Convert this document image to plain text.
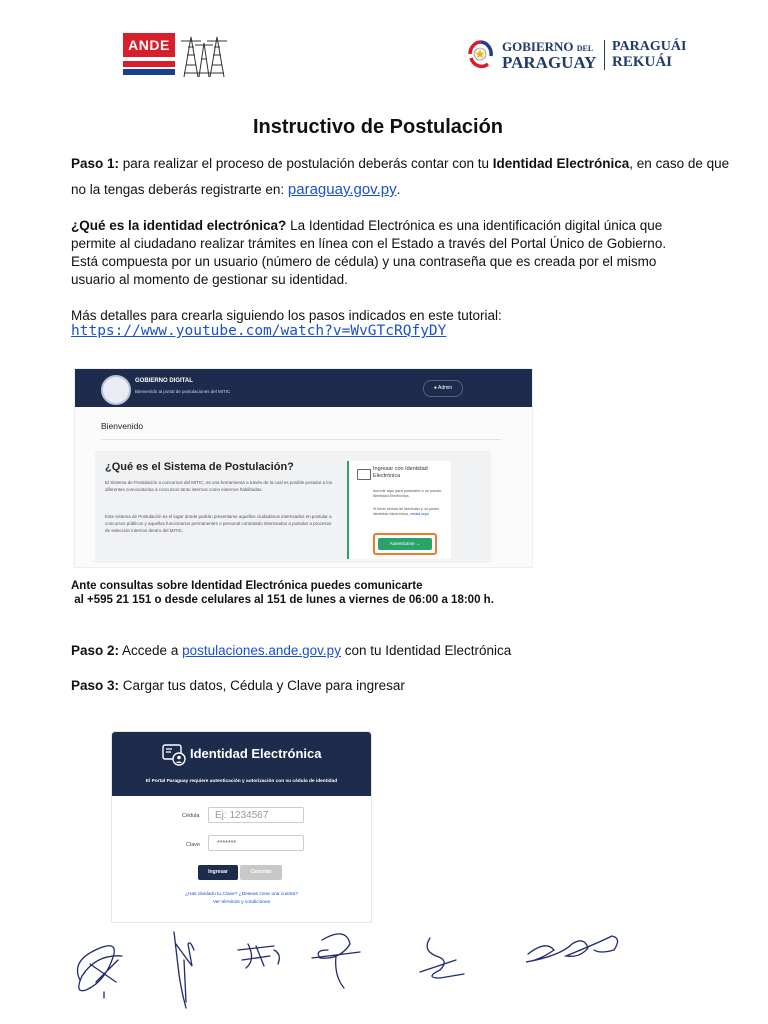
ANDE	GOBIERNO DEL
PARAGUAY
PARAGUÁI
REKUÁI
Instructivo de Postulación
Paso 1: para realizar el proceso de postulación deberás contar con tu Identidad Electrónica, en caso de que
no la tengas deberás registrarte en: paraguay.gov.py.
¿Qué es la identidad electrónica? La Identidad Electrónica es una identificación digital única que permite al ciudadano realizar trámites en línea con el Estado a través del Portal Único de Gobierno.
Está compuesta por un usuario (número de cédula) y una contraseña que es creada por el mismo usuario al momento de gestionar su identidad.
Más detalles para crearla siguiendo los pasos indicados en este tutorial:
https://www.youtube.com/watch?v=WvGTcRQfyDY
GOBIERNO DIGITAL
Bienvenido al portal de postulaciones del MITIC
● Admin
Bienvenido
¿Qué es el Sistema de Postulación?
El Sistema de Postulación a concursos del MITIC, es una herramienta a través de la cual es posible postular a los diferentes convocatorias a concursos tanto internos como externos habilitadas.
Este sistema de Postulación es el lugar donde podrán presentarse aquellos ciudadanos interesados en postular a concursos públicos y aquellos funcionarios permanentes o personal contratado interesados a postular a procesos de selección internos dentro del MITIC.
Ingresar con Identidad Electrónica
Accedé aquí para postularte a un puesto Identidad Electrónica.
Si tiene cédula de identidad y no posee identidad electrónica, creala aquí
Autenticarse →
Ante consultas sobre Identidad Electrónica puedes comunicarte
al +595 21 151 o desde celulares al 151 de lunes a viernes de 06:00 a 18:00 h.
Paso 2: Accede a postulaciones.ande.gov.py con tu Identidad Electrónica
Paso 3: Cargar tus datos, Cédula y Clave para ingresar
Identidad Electrónica
El Portal Paraguay requiere autenticación y autorización con su cédula de identidad
Cédula	Ej: 1234567
Clave	*******
Ingresar	Cancelar
¿Has olvidado tu Clave? ¿Deseas crear una cuenta?
Ver términos y condiciones
